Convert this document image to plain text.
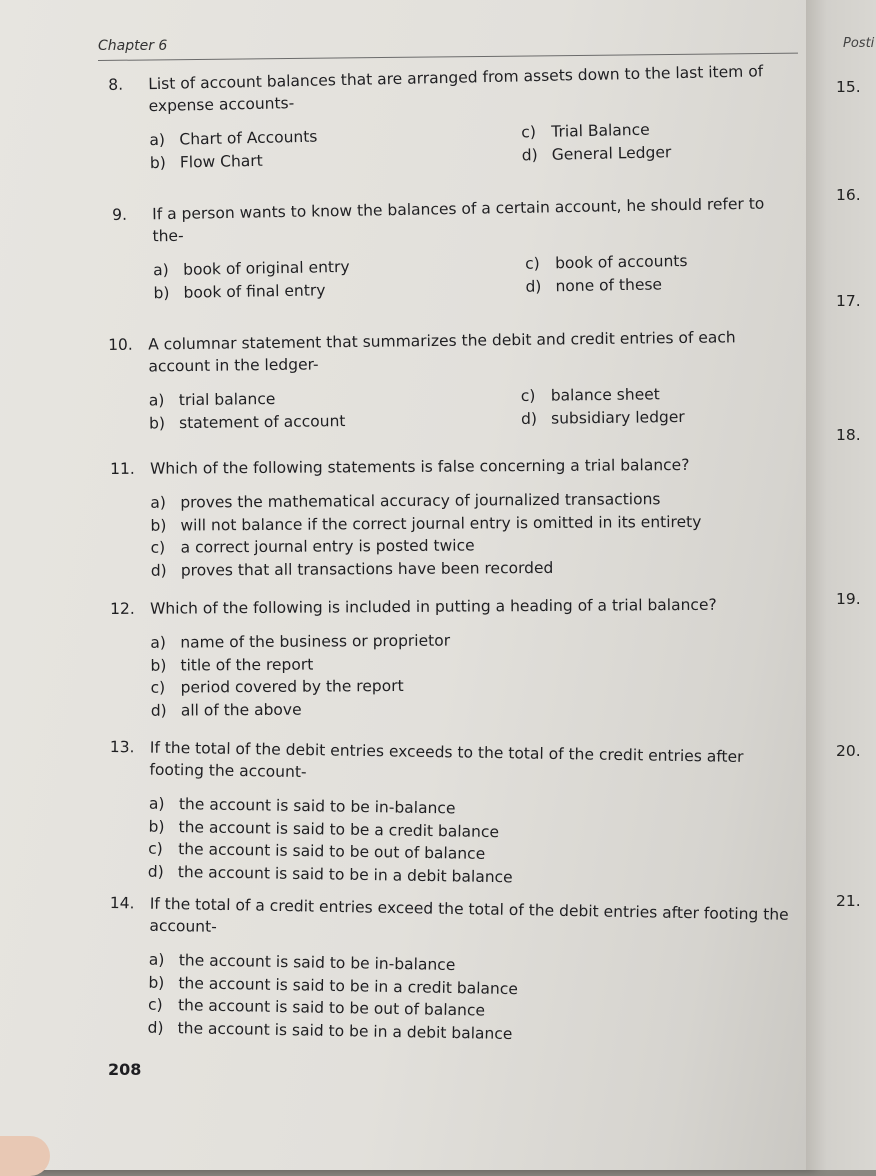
Chapter 6
8.	List of account balances that are arranged from assets down to the last item of expense accounts-
a) Chart of Accounts
b) Flow Chart
c) Trial Balance
d) General Ledger
9.	If a person wants to know the balances of a certain account, he should refer to the-
a) book of original entry
b) book of final entry
c) book of accounts
d) none of these
10. A columnar statement that summarizes the debit and credit entries of each account in the ledger-
a) trial balance
b) statement of account
c) balance sheet
d) subsidiary ledger
11. Which of the following statements is false concerning a trial balance?
a) proves the mathematical accuracy of journalized transactions
b) will not balance if the correct journal entry is omitted in its entirety
c) a correct journal entry is posted twice
d) proves that all transactions have been recorded
12. Which of the following is included in putting a heading of a trial balance?
a) name of the business or proprietor
b) title of the report
c) period covered by the report
d) all of the above
13. If the total of the debit entries exceeds to the total of the credit entries after footing the account-
a) the account is said to be in-balance
b) the account is said to be a credit balance
c) the account is said to be out of balance
d) the account is said to be in a debit balance
14. If the total of a credit entries exceed the total of the debit entries after footing the account-
a) the account is said to be in-balance
b) the account is said to be in a credit balance
c) the account is said to be out of balance
d) the account is said to be in a debit balance
208
Posti
15.
16.
17.
18.
19.
20.
21.
